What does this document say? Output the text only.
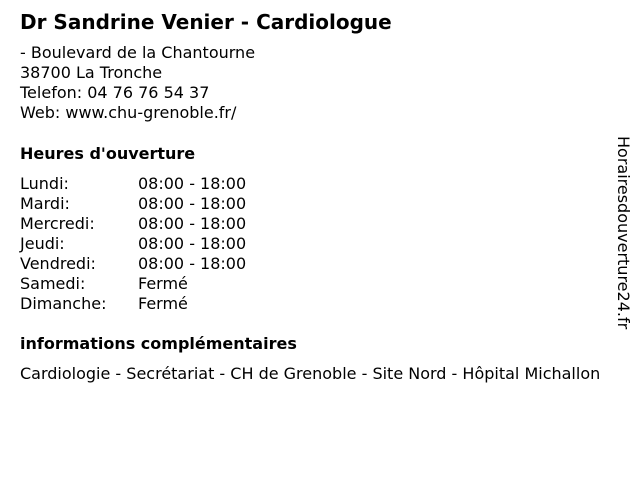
Dr Sandrine Venier - Cardiologue
- Boulevard de la Chantourne
38700 La Tronche
Telefon: 04 76 76 54 37
Web: www.chu-grenoble.fr/
Heures d'ouverture
Lundi:	08:00 - 18:00
Mardi:	08:00 - 18:00
Mercredi:	08:00 - 18:00
Jeudi:	08:00 - 18:00
Vendredi:	08:00 - 18:00
Samedi:	Fermé
Dimanche:	Fermé
informations complémentaires
Cardiologie - Secrétariat - CH de Grenoble - Site Nord - Hôpital Michallon
Horairesdouverture24.fr
